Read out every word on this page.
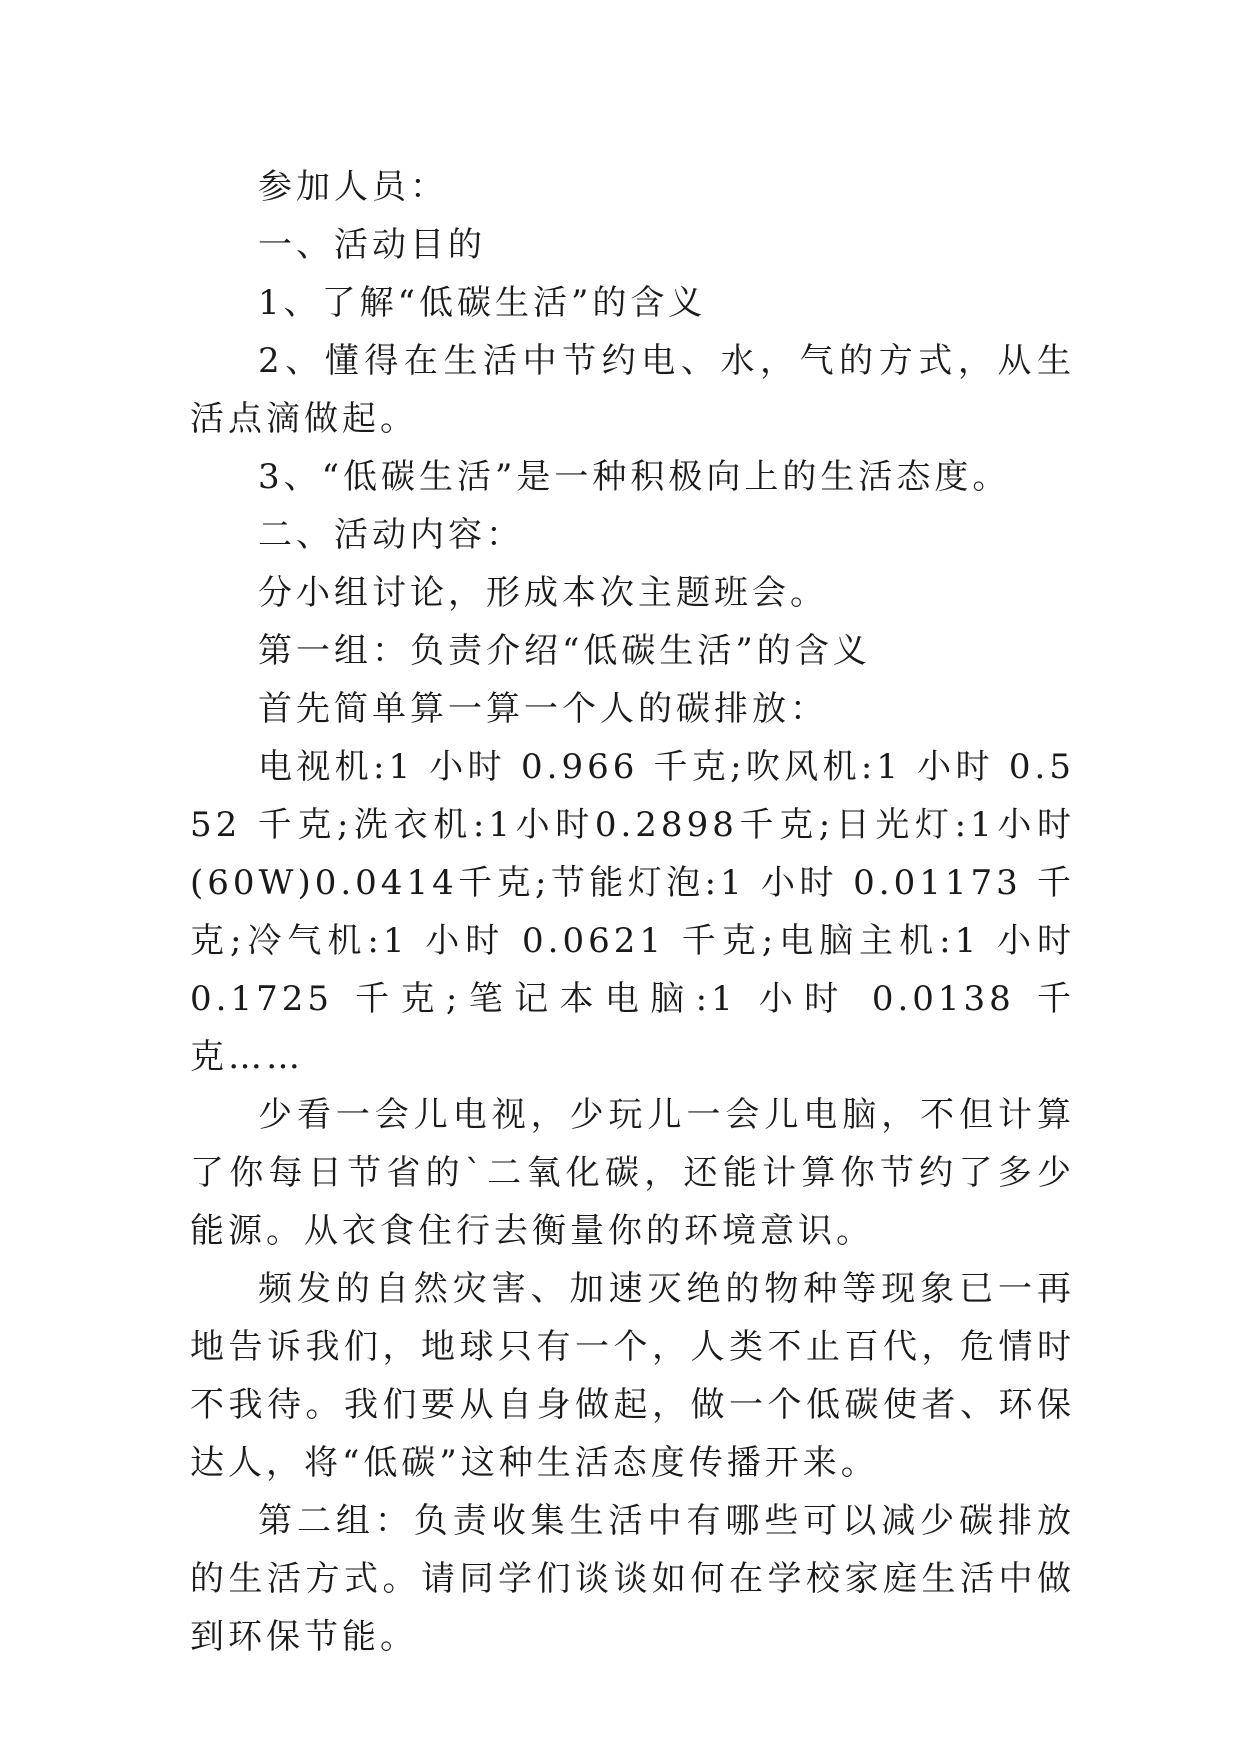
参加人员：

一、活动目的

1、了解“低碳生活”的含义

2、懂得在生活中节约电、水，气的方式，从生活点滴做起。

3、“低碳生活”是一种积极向上的生活态度。

二、活动内容：

分小组讨论，形成本次主题班会。

第一组：负责介绍“低碳生活”的含义

首先简单算一算一个人的碳排放：

电视机:1 小时 0.966 千克;吹风机:1 小时 0.552 千克;洗衣机:1小时0.2898千克;日光灯:1小时(60W)0.0414千克;节能灯泡:1 小时 0.01173 千克;冷气机:1 小时 0.0621 千克;电脑主机:1 小时 0.1725 千克;笔记本电脑:1 小时 0.0138 千克……

少看一会儿电视，少玩儿一会儿电脑，不但计算了你每日节省的`二氧化碳，还能计算你节约了多少能源。从衣食住行去衡量你的环境意识。

频发的自然灾害、加速灭绝的物种等现象已一再地告诉我们，地球只有一个，人类不止百代，危情时不我待。我们要从自身做起，做一个低碳使者、环保达人，将“低碳”这种生活态度传播开来。

第二组：负责收集生活中有哪些可以减少碳排放的生活方式。请同学们谈谈如何在学校家庭生活中做到环保节能。
